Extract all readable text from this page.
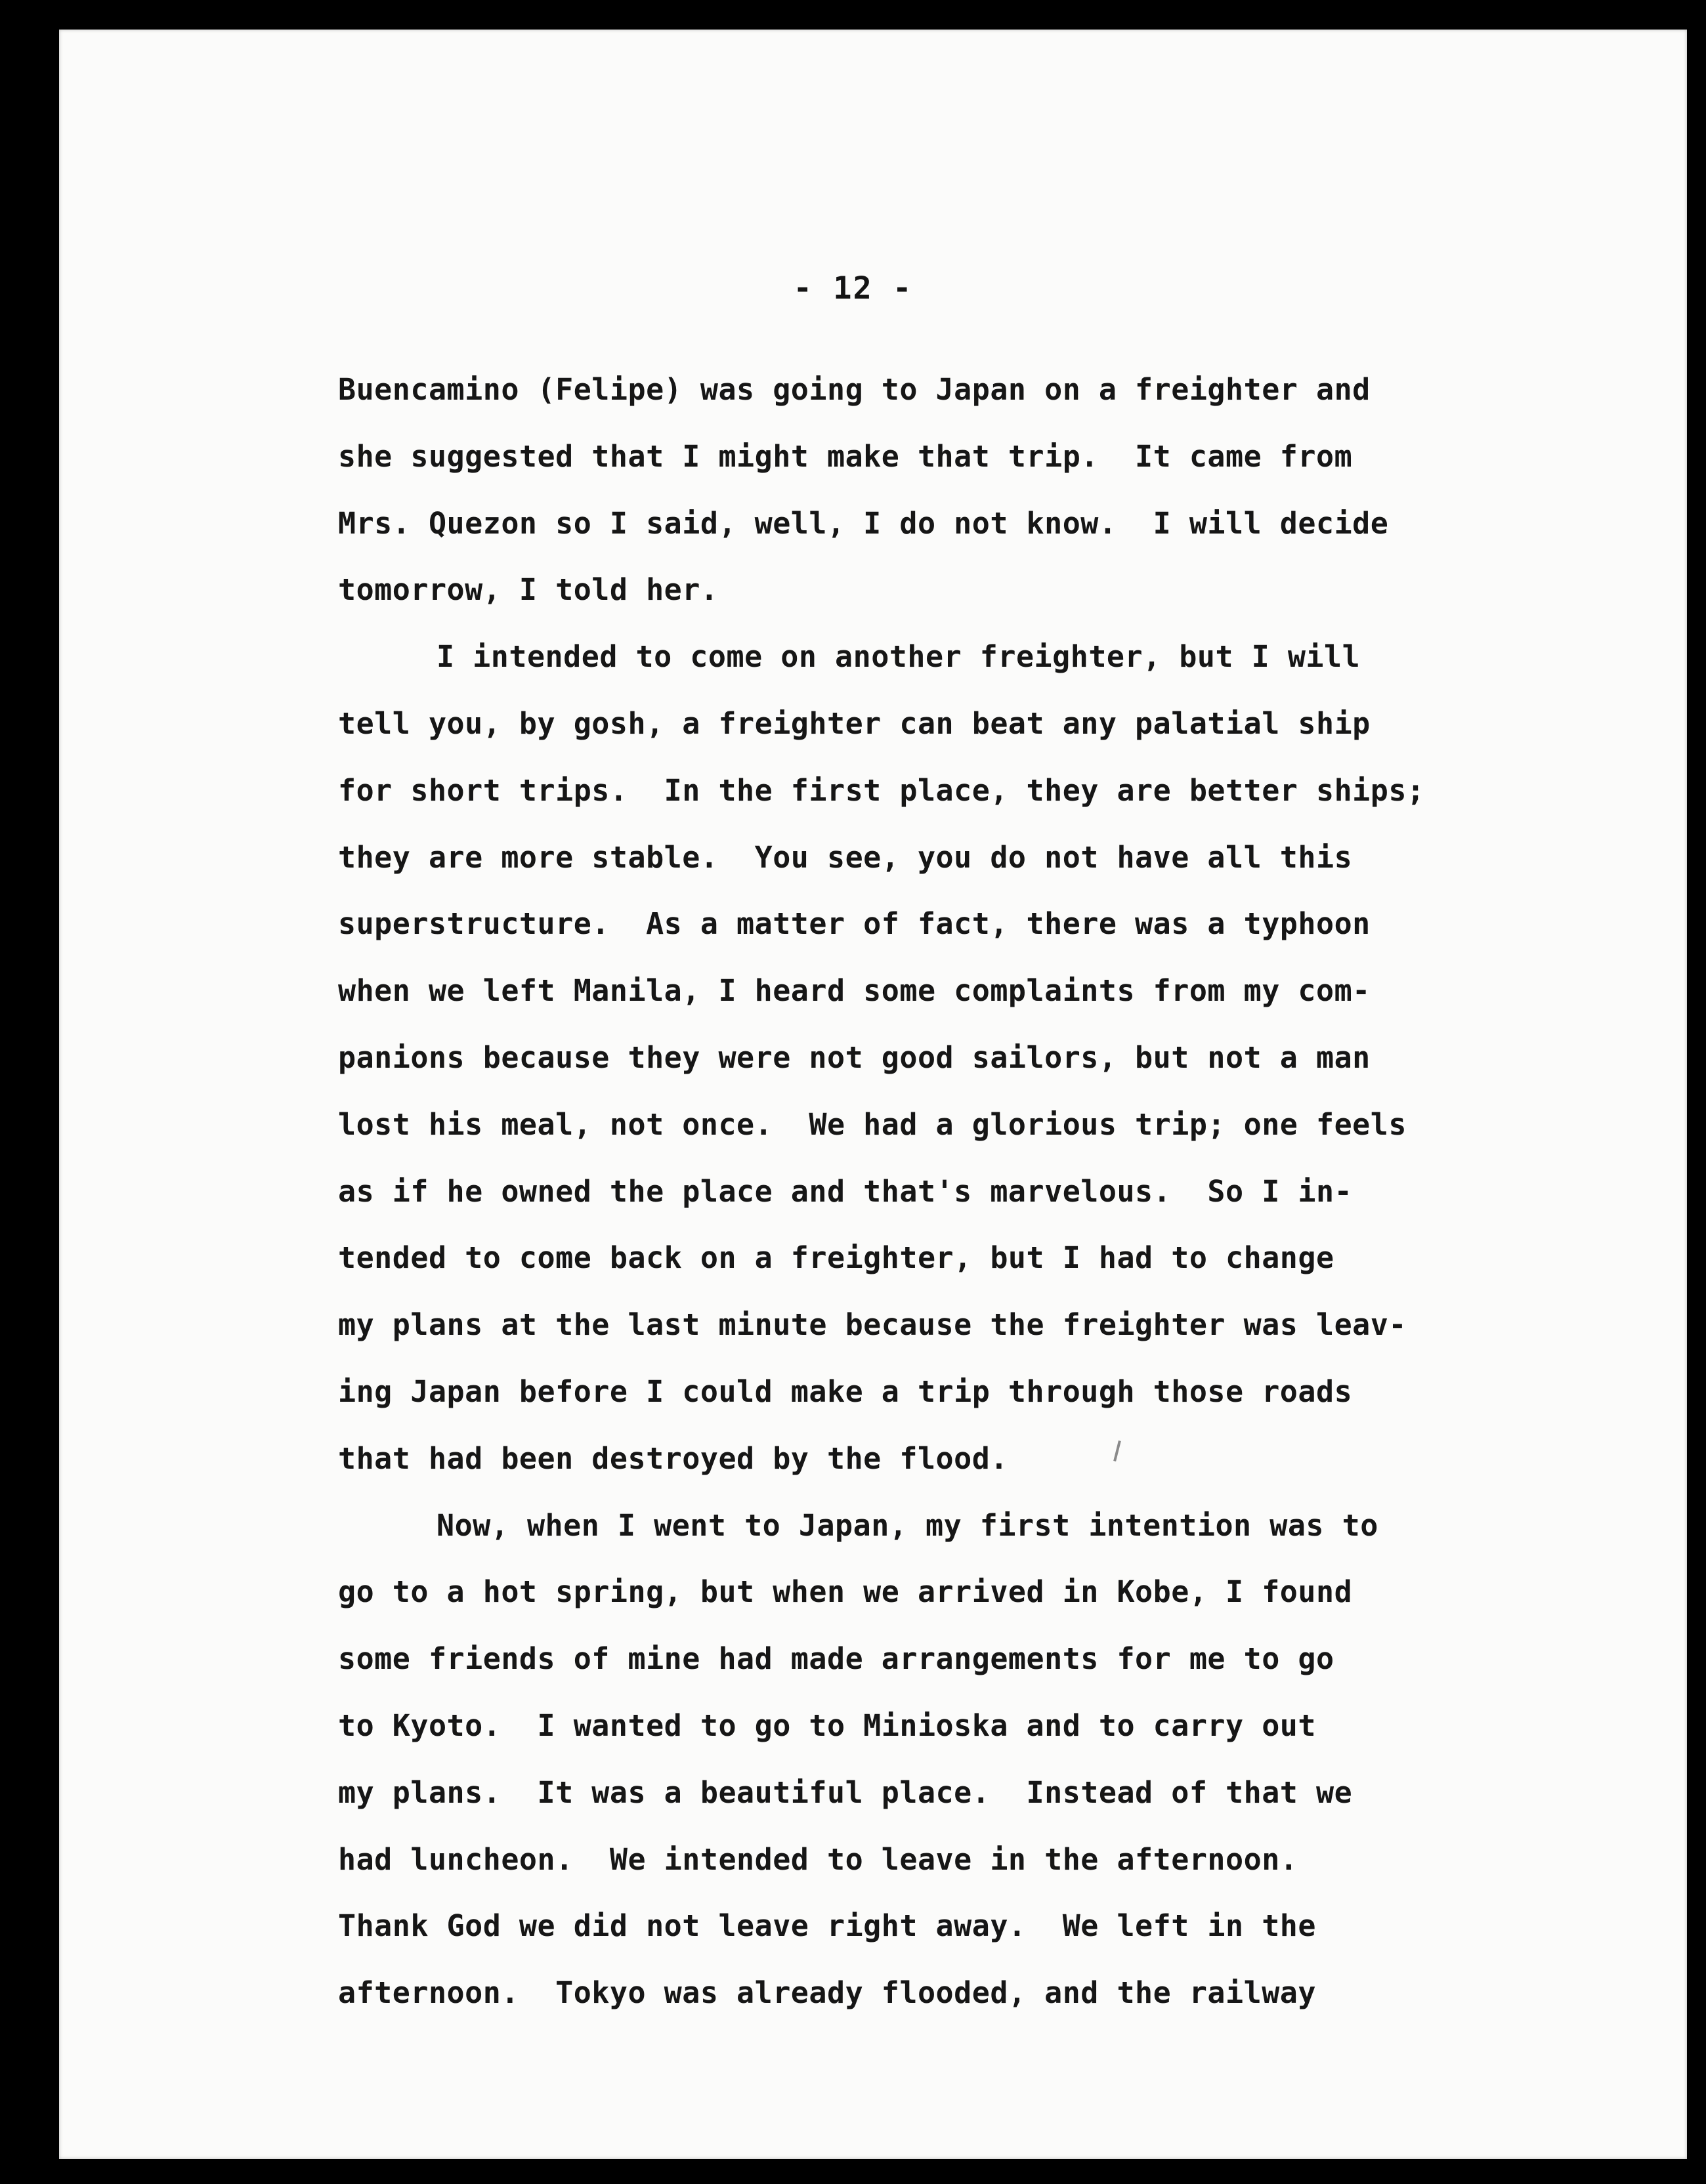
- 12 -
Buencamino (Felipe) was going to Japan on a freighter and
she suggested that I might make that trip.  It came from
Mrs. Quezon so I said, well, I do not know.  I will decide
tomorrow, I told her.
I intended to come on another freighter, but I will
tell you, by gosh, a freighter can beat any palatial ship
for short trips.  In the first place, they are better ships;
they are more stable.  You see, you do not have all this
superstructure.  As a matter of fact, there was a typhoon
when we left Manila, I heard some complaints from my com-
panions because they were not good sailors, but not a man
lost his meal, not once.  We had a glorious trip; one feels
as if he owned the place and that's marvelous.  So I in-
tended to come back on a freighter, but I had to change
my plans at the last minute because the freighter was leav-
ing Japan before I could make a trip through those roads
that had been destroyed by the flood.
Now, when I went to Japan, my first intention was to
go to a hot spring, but when we arrived in Kobe, I found
some friends of mine had made arrangements for me to go
to Kyoto.  I wanted to go to Minioska and to carry out
my plans.  It was a beautiful place.  Instead of that we
had luncheon.  We intended to leave in the afternoon.
Thank God we did not leave right away.  We left in the
afternoon.  Tokyo was already flooded, and the railway
